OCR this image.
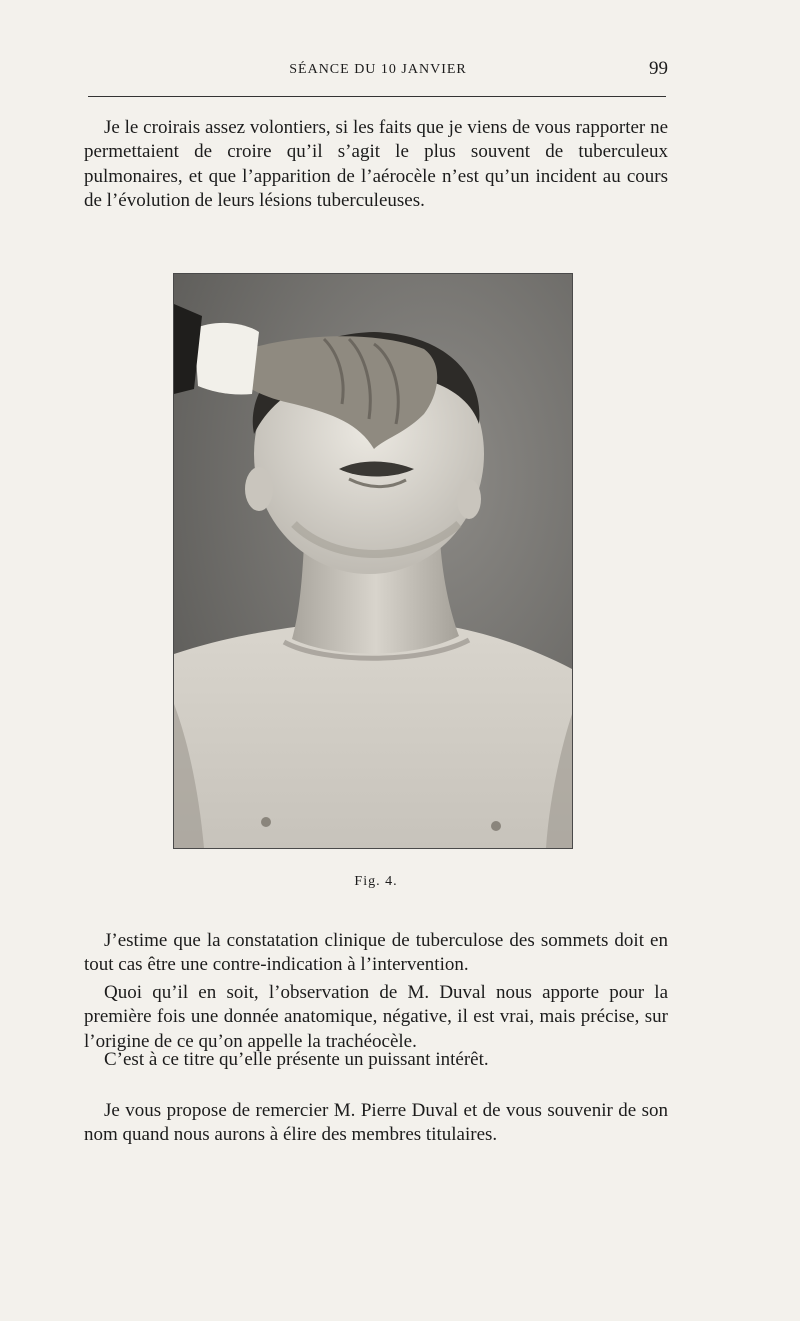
SÉANCE DU 10 JANVIER	99

Je le croirais assez volontiers, si les faits que je viens de vous rapporter ne permettaient de croire qu’il s’agit le plus souvent de tuberculeux pulmonaires, et que l’apparition de l’aérocèle n’est qu’un incident au cours de l’évolution de leurs lésions tuberculeuses.

Fig. 4.

J’estime que la constatation clinique de tuberculose des sommets doit en tout cas être une contre-indication à l’intervention.

Quoi qu’il en soit, l’observation de M. Duval nous apporte pour la première fois une donnée anatomique, négative, il est vrai, mais précise, sur l’origine de ce qu’on appelle la trachéocèle.

C’est à ce titre qu’elle présente un puissant intérêt.

Je vous propose de remercier M. Pierre Duval et de vous souvenir de son nom quand nous aurons à élire des membres titulaires.
